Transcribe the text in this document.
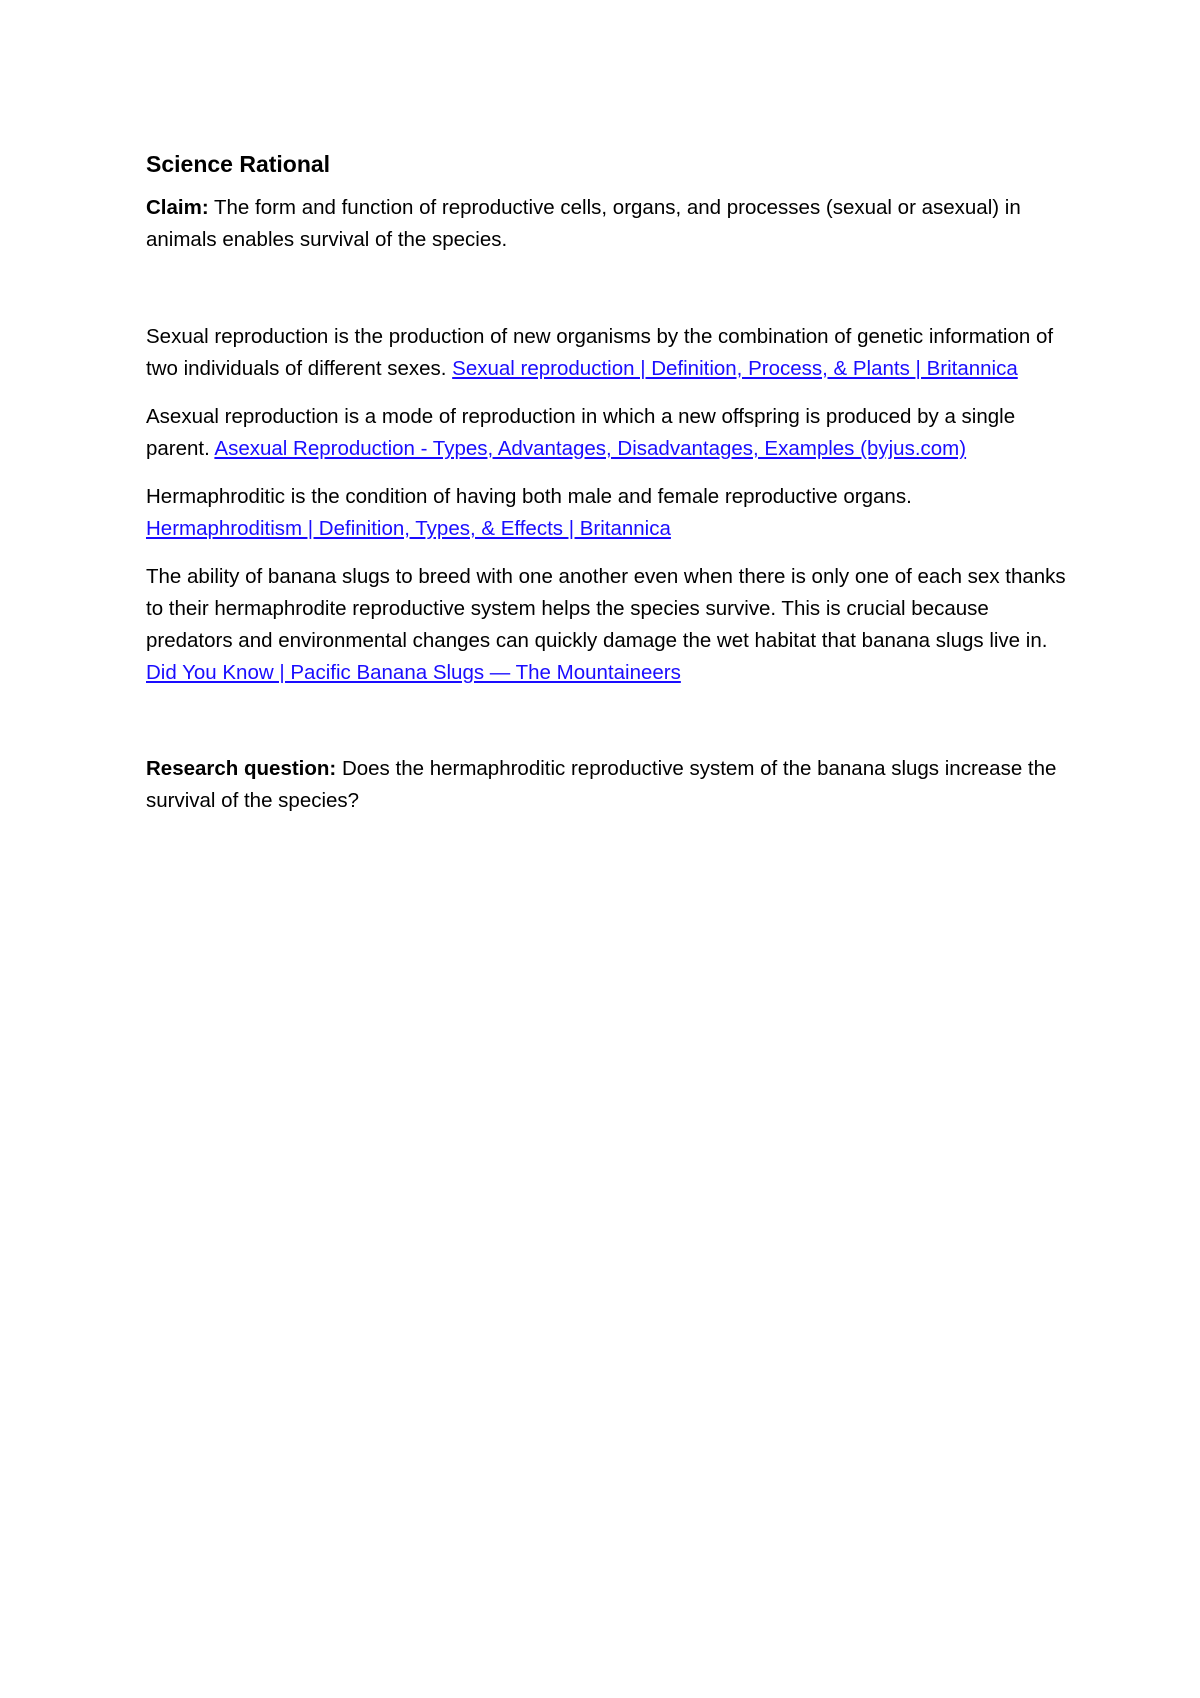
Science Rational

Claim: The form and function of reproductive cells, organs, and processes (sexual or asexual) in animals enables survival of the species.

Sexual reproduction is the production of new organisms by the combination of genetic information of two individuals of different sexes. Sexual reproduction | Definition, Process, & Plants | Britannica

Asexual reproduction is a mode of reproduction in which a new offspring is produced by a single parent. Asexual Reproduction - Types, Advantages, Disadvantages, Examples (byjus.com)

Hermaphroditic is the condition of having both male and female reproductive organs. Hermaphroditism | Definition, Types, & Effects | Britannica

The ability of banana slugs to breed with one another even when there is only one of each sex thanks to their hermaphrodite reproductive system helps the species survive. This is crucial because predators and environmental changes can quickly damage the wet habitat that banana slugs live in. Did You Know | Pacific Banana Slugs — The Mountaineers

Research question: Does the hermaphroditic reproductive system of the banana slugs increase the survival of the species?
